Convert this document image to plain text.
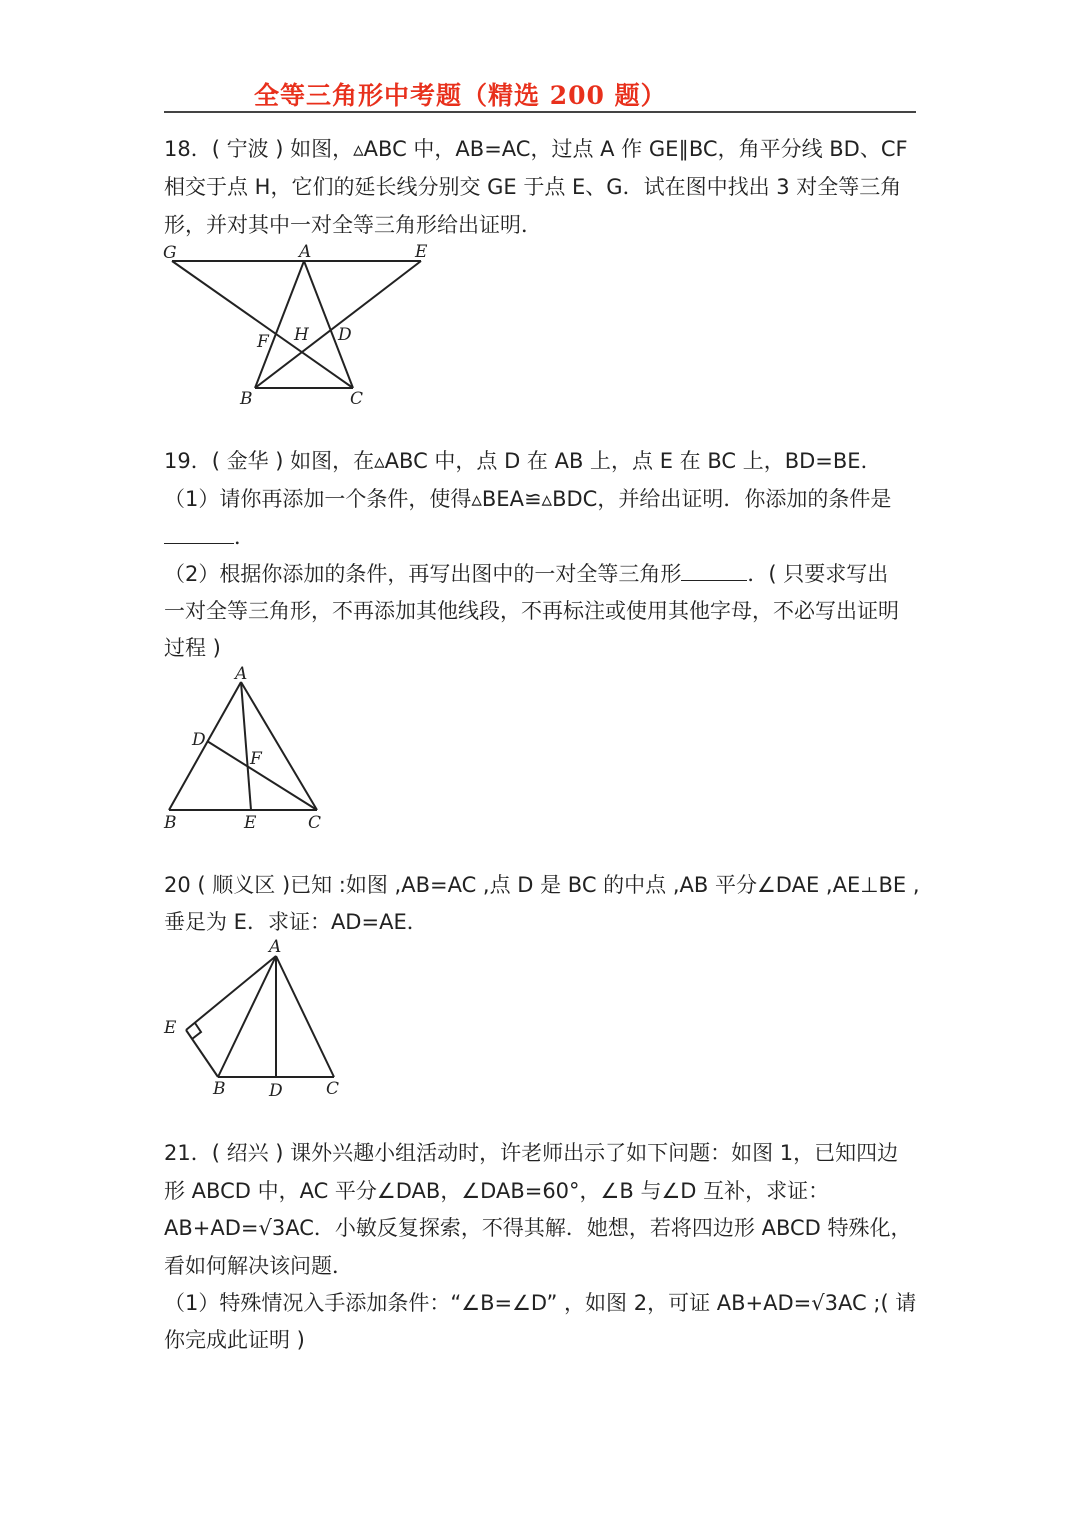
全等三角形中考题（精选 200 题）
18．( 宁波 ) 如图，▵ABC 中，AB=AC，过点 A 作 GE∥BC，角平分线 BD、CF
相交于点 H，它们的延长线分别交 GE 于点 E、G．试在图中找出 3 对全等三角
形，并对其中一对全等三角形给出证明．
G	A	E
F H D
B	C
19．( 金华 ) 如图，在▵ABC 中，点 D 在 AB 上，点 E 在 BC 上，BD=BE．
（1）请你再添加一个条件，使得▵BEA≌▵BDC，并给出证明．你添加的条件是
．
（2）根据你添加的条件，再写出图中的一对全等三角形	．( 只要求写出
一对全等三角形，不再添加其他线段，不再标注或使用其他字母，不必写出证明
过程 )
A
D
F
B	E	C
20 ( 顺义区 )已知 :如图 ,AB=AC ,点 D 是 BC 的中点 ,AB 平分∠DAE ,AE⊥BE ,
垂足为 E．求证：AD=AE．
A
E
B	D	C
21．( 绍兴 ) 课外兴趣小组活动时，许老师出示了如下问题：如图 1，已知四边
形 ABCD 中，AC 平分∠DAB，∠DAB=60°，∠B 与∠D 互补，求证：
AB+AD=√3AC．小敏反复探索，不得其解．她想，若将四边形 ABCD 特殊化，
看如何解决该问题．
（1）特殊情况入手添加条件：“∠B=∠D” ，如图 2，可证 AB+AD=√3AC ;( 请
你完成此证明 )
